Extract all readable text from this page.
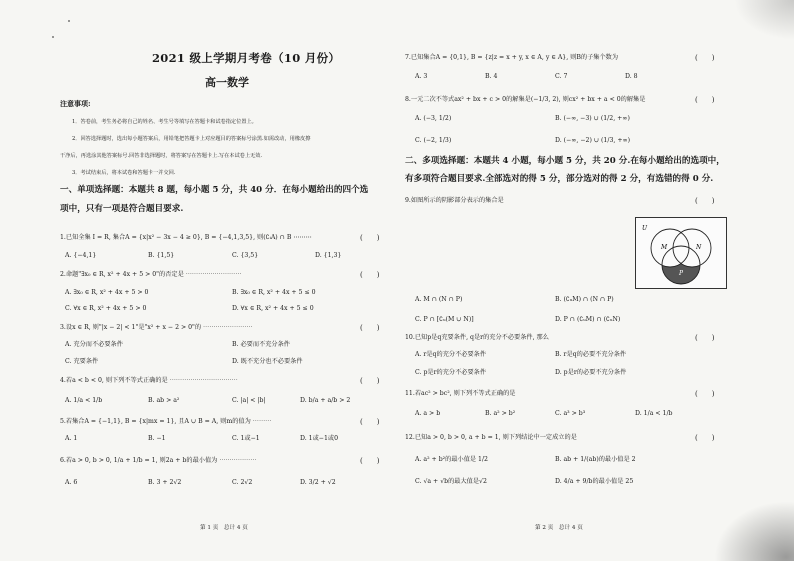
2021 级上学期月考卷（10 月份）
高一数学
注意事项:
1．答卷前，考生务必将自己的姓名、考生号等填写在答题卡和试卷指定位置上。
2．回答选择题时，选出每小题答案后，用铅笔把答题卡上对应题目的答案标号涂黑.如需改动，用橡皮擦
干净后，再选涂其他答案标号.回答非选择题时，将答案写在答题卡上.写在本试卷上无效.
3．考试结束后，将本试卷和答题卡一并交回.
一、单项选择题：本题共 8 题，每小题 5 分，共 40 分．在每小题给出的四个选
项中，只有一项是符合题目要求.
1.已知全集 I = R, 集合A = {x|x² − 3x − 4 ≥ 0}, B = {−4,1,3,5}, 则(∁ᵢA) ∩ B ⋯⋯⋯	(　　)
A. {−4,1}	B. {1,5}	C. {3,5}	D. {1,3}
2.命题"∃x₀ ∈ R, x² + 4x + 5 > 0"的否定是 ⋯⋯⋯⋯⋯⋯⋯⋯⋯	(　　)
A. ∃x₀ ∈ R, x² + 4x + 5 > 0	B. ∃x₀ ∈ R, x² + 4x + 5 ≤ 0
C. ∀x ∈ R, x² + 4x + 5 > 0	D. ∀x ∈ R, x² + 4x + 5 ≤ 0
3.设x ∈ R, 则"|x − 2| < 1"是"x² + x − 2 > 0"的 ⋯⋯⋯⋯⋯⋯⋯⋯	(　　)
A. 充分而不必要条件	B. 必要而不充分条件
C. 充要条件	D. 既不充分也不必要条件
4.若a < b < 0, 则下列不等式正确的是 ⋯⋯⋯⋯⋯⋯⋯⋯⋯⋯⋯	(　　)
A. 1/a < 1/b	B. ab > a²	C. |a| < |b|	D. b/a + a/b > 2
5.若集合A = {−1,1}, B = {x|mx = 1}, 且A ∪ B = A, 则m的值为 ⋯⋯⋯	(　　)
A. 1	B. −1	C. 1或−1	D. 1或−1或0
6.若a > 0, b > 0, 1/a + 1/b = 1, 则2a + b的最小值为 ⋯⋯⋯⋯⋯⋯	(　　)
A. 6	B. 3 + 2√2	C. 2√2	D. 3/2 + √2
第 1 页　总计 4 页
7.已知集合A = {0,1}, B = {z|z = x + y, x ∈ A, y ∈ A}, 则B的子集个数为	(　　)
A. 3	B. 4	C. 7	D. 8
8.一元二次不等式ax² + bx + c > 0的解集是(−1/3, 2), 则cx² + bx + a < 0的解集是	(　　)
A. (−3, 1/2)	B. (−∞, −3) ∪ (1/2, +∞)
C. (−2, 1/3)	D. (−∞, −2) ∪ (1/3, +∞)
二、多项选择题：本题共 4 小题，每小题 5 分，共 20 分.在每小题给出的选项中，
有多项符合题目要求.全部选对的得 5 分，部分选对的得 2 分，有选错的得 0 分.
9.如图所示的阴影部分表示的集合是	(　　)
U
M	N
P
A. M ∩ (N ∩ P)	B. (∁ᵤM) ∩ (N ∩ P)
C. P ∩ [∁ᵤ(M ∪ N)]	D. P ∩ (∁ᵤM) ∩ (∁ᵤN)
10.已知p是q充要条件, q是r的充分不必要条件, 那么	(　　)
A. r是q的充分不必要条件	B. r是q的必要不充分条件
C. p是r的充分不必要条件	D. p是r的必要不充分条件
11.若ac² > bc², 则下列不等式正确的是	(　　)
A. a > b	B. a² > b²	C. a³ > b³	D. 1/a < 1/b
12.已知a > 0, b > 0, a + b = 1, 则下列结论中一定成立的是	(　　)
A. a² + b²的最小值是 1/2	B. ab + 1/(ab)的最小值是 2
C. √a + √b的最大值是√2	D. 4/a + 9/b的最小值是 25
第 2 页　总计 4 页
